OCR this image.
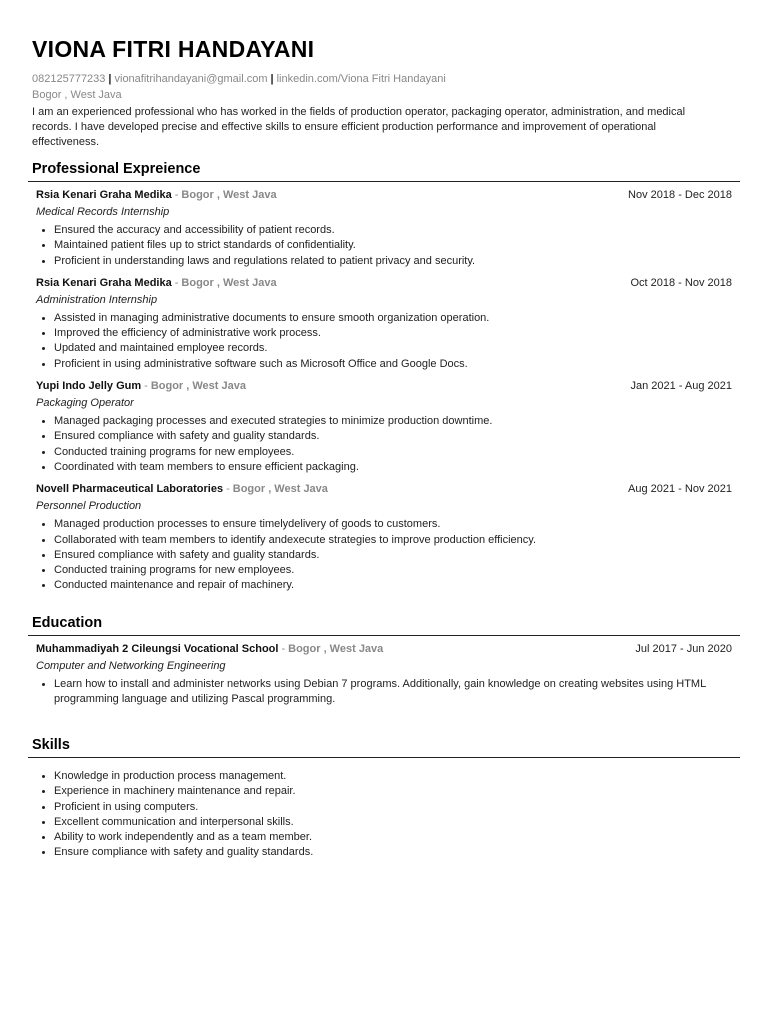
VIONA FITRI HANDAYANI
082125777233 | vionafitrihandayani@gmail.com | linkedin.com/Viona Fitri Handayani
Bogor , West Java
I am an experienced professional who has worked in the fields of production operator, packaging operator, administration, and medical records. I have developed precise and effective skills to ensure efficient production performance and improvement of operational effectiveness.
Professional Expreience
Rsia Kenari Graha Medika - Bogor , West Java	Nov 2018 - Dec 2018
Medical Records Internship
• Ensured the accuracy and accessibility of patient records.
• Maintained patient files up to strict standards of confidentiality.
• Proficient in understanding laws and regulations related to patient privacy and security.
Rsia Kenari Graha Medika - Bogor , West Java	Oct 2018 - Nov 2018
Administration Internship
• Assisted in managing administrative documents to ensure smooth organization operation.
• Improved the efficiency of administrative work process.
• Updated and maintained employee records.
• Proficient in using administrative software such as Microsoft Office and Google Docs.
Yupi Indo Jelly Gum - Bogor , West Java	Jan 2021 - Aug 2021
Packaging Operator
• Managed packaging processes and executed strategies to minimize production downtime.
• Ensured compliance with safety and guality standards.
• Conducted training programs for new employees.
• Coordinated with team members to ensure efficient packaging.
Novell Pharmaceutical Laboratories - Bogor , West Java	Aug 2021 - Nov 2021
Personnel Production
• Managed production processes to ensure timelydelivery of goods to customers.
• Collaborated with team members to identify andexecute strategies to improve production efficiency.
• Ensured compliance with safety and guality standards.
• Conducted training programs for new employees.
• Conducted maintenance and repair of machinery.
Education
Muhammadiyah 2 Cileungsi Vocational School - Bogor , West Java	Jul 2017 - Jun 2020
Computer and Networking Engineering
• Learn how to install and administer networks using Debian 7 programs. Additionally, gain knowledge on creating websites using HTML programming language and utilizing Pascal programming.
Skills
• Knowledge in production process management.
• Experience in machinery maintenance and repair.
• Proficient in using computers.
• Excellent communication and interpersonal skills.
• Ability to work independently and as a team member.
• Ensure compliance with safety and guality standards.
